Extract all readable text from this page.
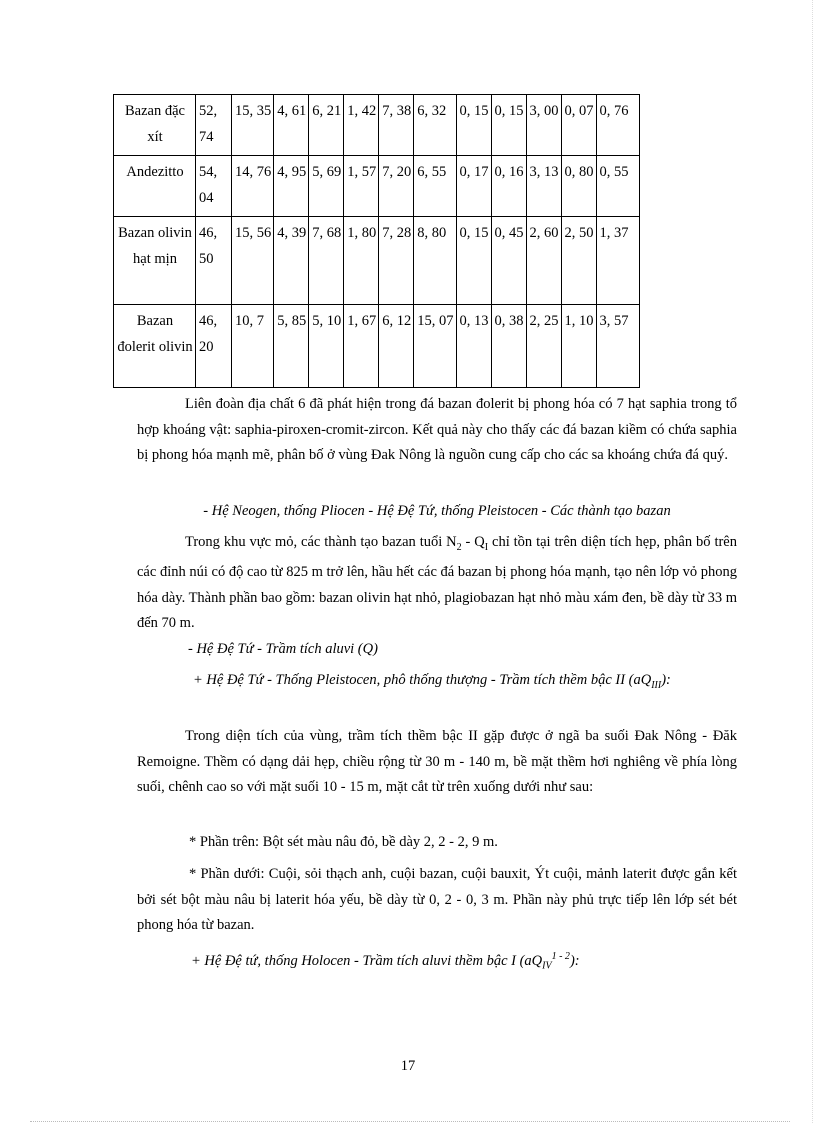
Bazan đặc xít	52, 74	15, 35	4, 61	6, 21	1, 42	7, 38	6, 32	0, 15	0, 15	3, 00	0, 07	0, 76
Andezitto	54, 04	14, 76	4, 95	5, 69	1, 57	7, 20	6, 55	0, 17	0, 16	3, 13	0, 80	0, 55
Bazan olivin hạt mịn	46, 50	15, 56	4, 39	7, 68	1, 80	7, 28	8, 80	0, 15	0, 45	2, 60	2, 50	1, 37
Bazan đolerit olivin	46, 20	10, 7	5, 85	5, 10	1, 67	6, 12	15, 07	0, 13	0, 38	2, 25	1, 10	3, 57

Liên đoàn địa chất 6 đã phát hiện trong đá bazan đolerit bị phong hóa có 7 hạt saphia trong tổ hợp khoáng vật: saphia-piroxen-cromit-zircon. Kết quả này cho thấy các đá bazan kiềm có chứa saphia bị phong hóa mạnh mẽ, phân bố ở vùng Đak Nông là nguồn cung cấp cho các sa khoáng chứa đá quý.

- Hệ Neogen, thống Pliocen - Hệ Đệ Tứ, thống Pleistocen - Các thành tạo bazan

Trong khu vực mỏ, các thành tạo bazan tuổi $N_2 - Q_I$ chỉ tồn tại trên diện tích hẹp, phân bố trên các đỉnh núi có độ cao từ 825 m trở lên, hầu hết các đá bazan bị phong hóa mạnh, tạo nên lớp vỏ phong hóa dày. Thành phần bao gồm: bazan olivin hạt nhỏ, plagiobazan hạt nhỏ màu xám đen, bề dày từ 33 m đến 70 m.

- Hệ Đệ Tứ - Trầm tích aluvi (Q)

+ Hệ Đệ Tứ - Thống Pleistocen, phô thống thượng - Trầm tích thềm bậc II $(aQ_{III})$:

Trong diện tích của vùng, trầm tích thềm bậc II gặp được ở ngã ba suối Đak Nông - Đăk Remoigne. Thềm có dạng dải hẹp, chiều rộng từ 30 m - 140 m, bề mặt thềm hơi nghiêng về phía lòng suối, chênh cao so với mặt suối 10 - 15 m, mặt cắt từ trên xuống dưới như sau:

* Phần trên: Bột sét màu nâu đỏ, bề dày 2, 2 - 2, 9 m.

* Phần dưới: Cuội, sỏi thạch anh, cuội bazan, cuội bauxit, Ýt cuội, mảnh laterit được gắn kết bởi sét bột màu nâu bị laterit hóa yếu, bề dày từ 0, 2 - 0, 3 m. Phần này phủ trực tiếp lên lớp sét bét phong hóa từ bazan.

+ Hệ Đệ tứ, thống Holocen - Trầm tích aluvi thềm bậc I $(aQ_{IV}^{1 - 2})$:

17
